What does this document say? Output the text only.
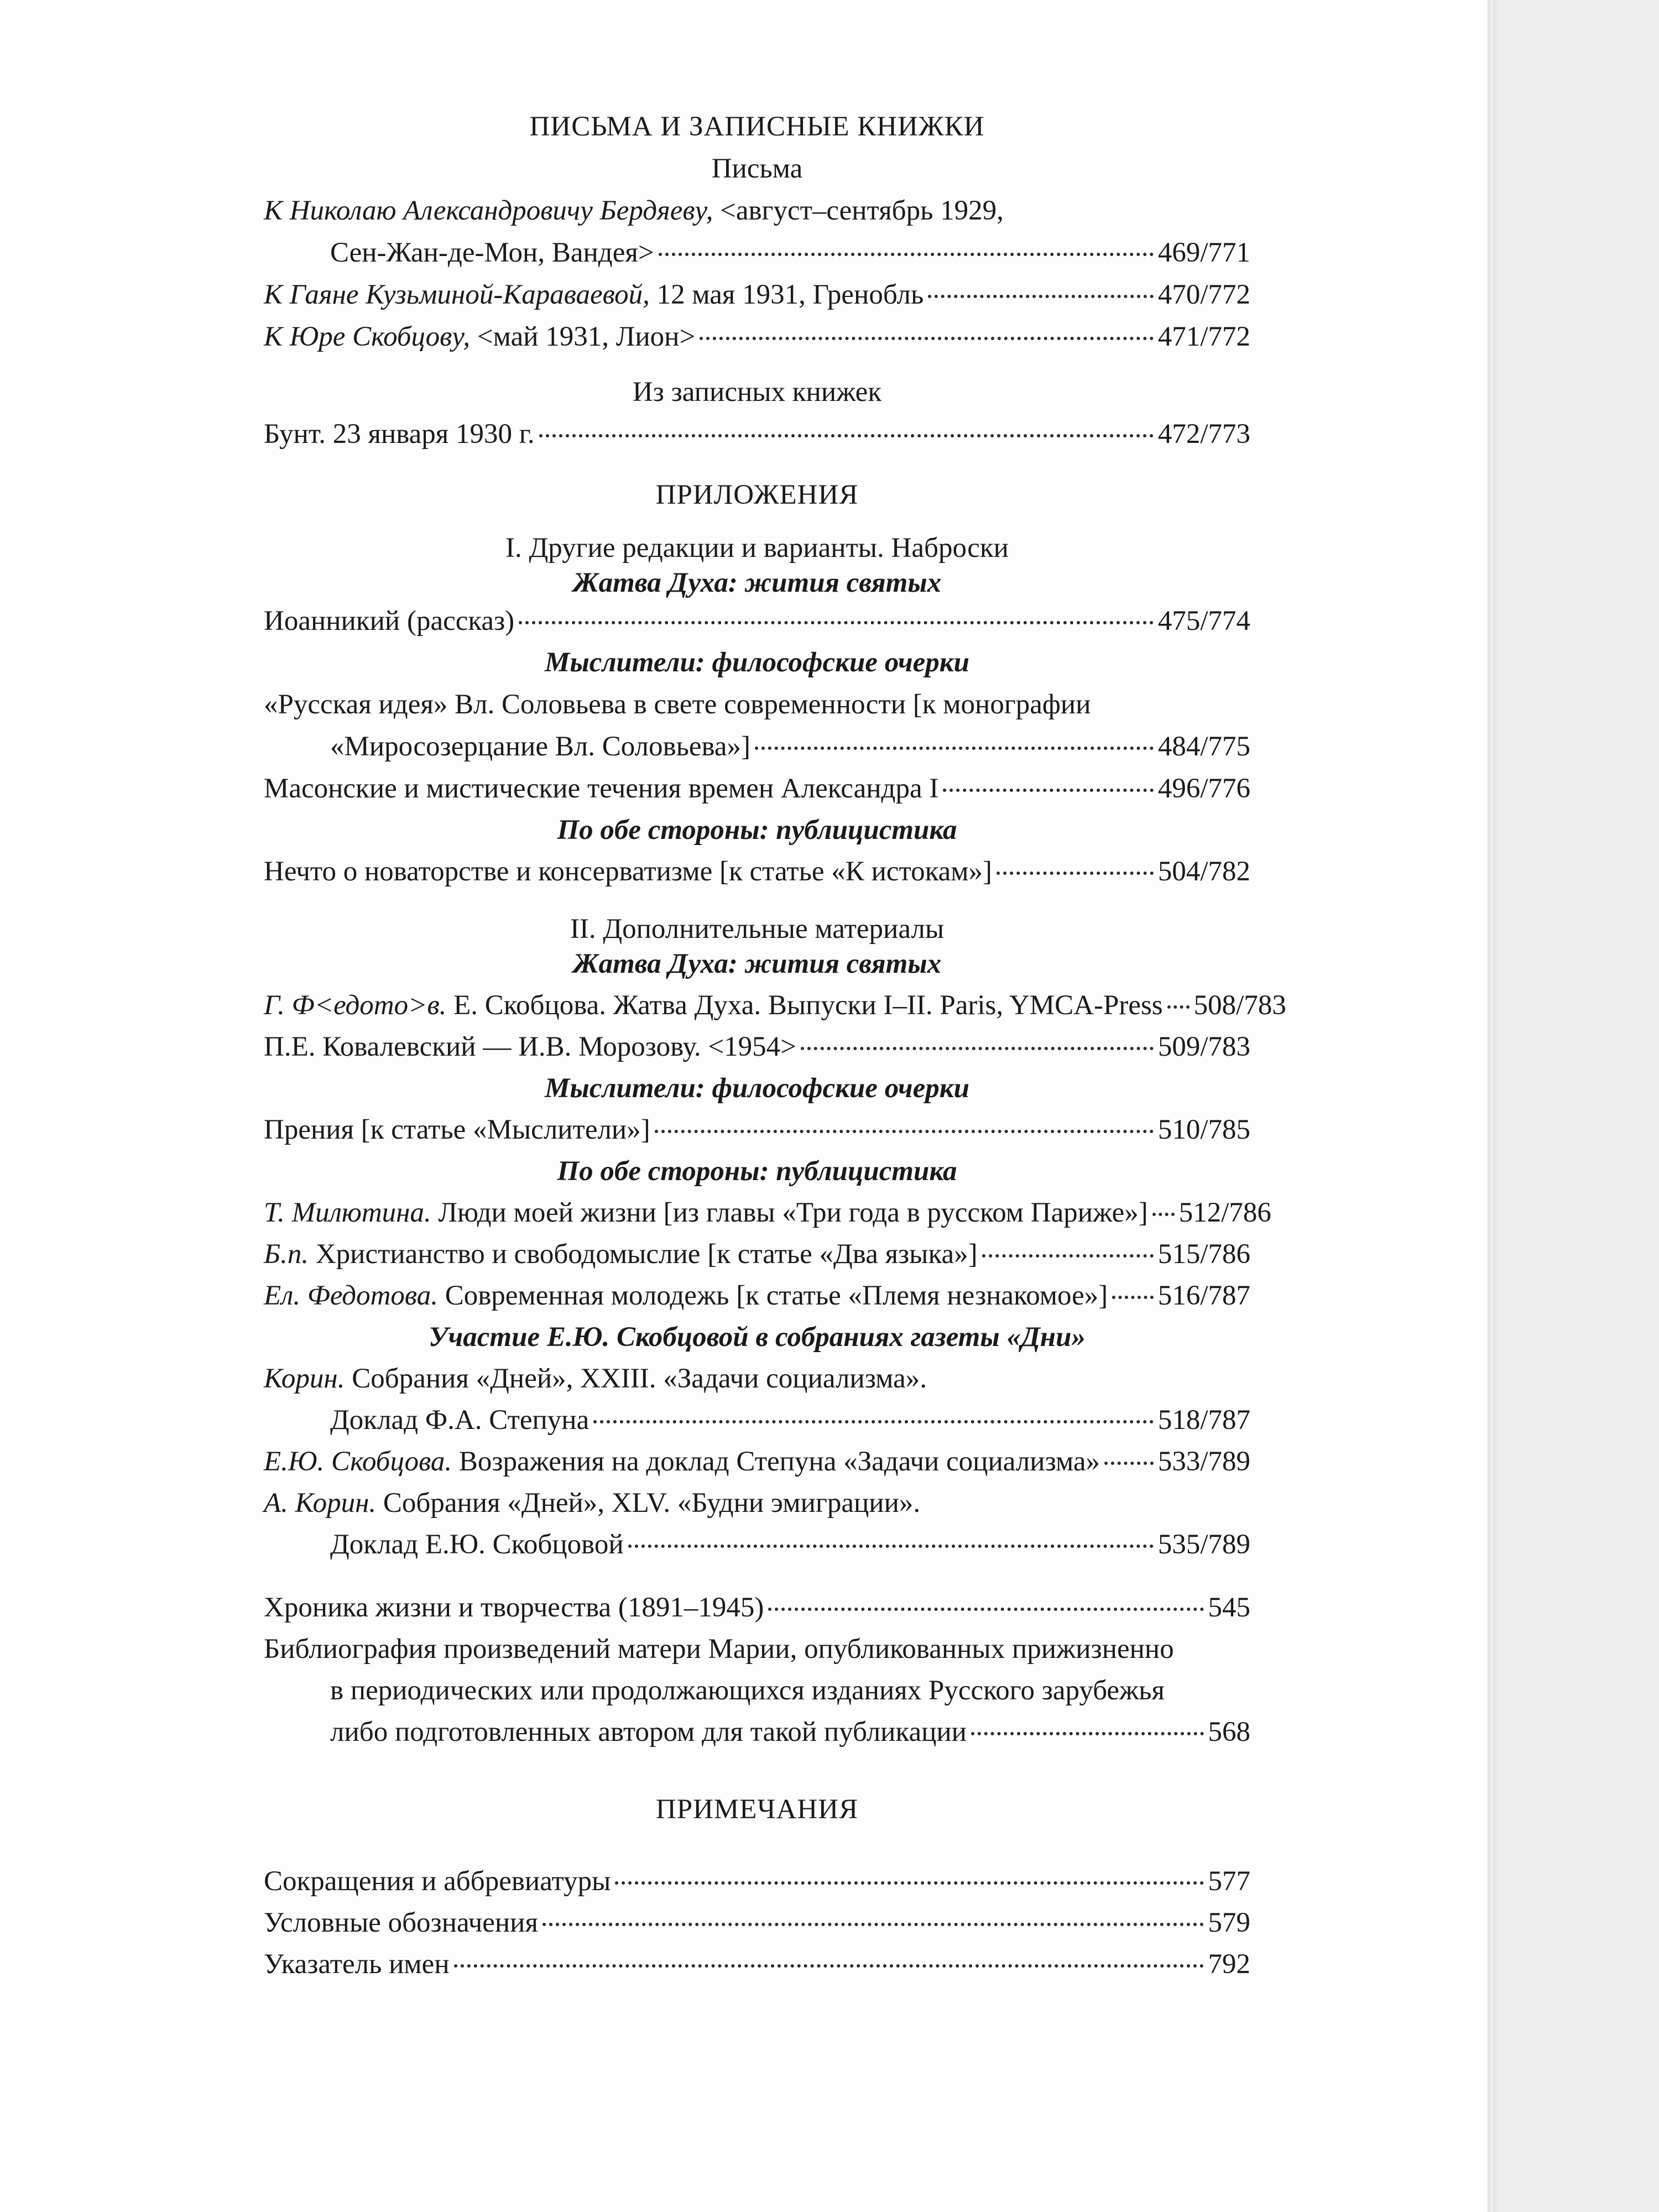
ПИСЬМА И ЗАПИСНЫЕ КНИЖКИ
Письма
К Николаю Александровичу Бердяеву, <август–сентябрь 1929,
Сен-Жан-де-Мон, Вандея>	469/771
К Гаяне Кузьминой-Караваевой, 12 мая 1931, Гренобль	470/772
К Юре Скобцову, <май 1931, Лион>	471/772
Из записных книжек
Бунт. 23 января 1930 г.	472/773
ПРИЛОЖЕНИЯ
I. Другие редакции и варианты. Наброски
Жатва Духа: жития святых
Иоанникий (рассказ)	475/774
Мыслители: философские очерки
«Русская идея» Вл. Соловьева в свете современности [к монографии
«Миросозерцание Вл. Соловьева»]	484/775
Масонские и мистические течения времен Александра I	496/776
По обе стороны: публицистика
Нечто о новаторстве и консерватизме [к статье «К истокам»]	504/782
II. Дополнительные материалы
Жатва Духа: жития святых
Г. Ф<едото>в. Е. Скобцова. Жатва Духа. Выпуски I–II. Paris, YMCA-Press 508/783
П.Е. Ковалевский — И.В. Морозову. <1954>	509/783
Мыслители: философские очерки
Прения [к статье «Мыслители»]	510/785
По обе стороны: публицистика
Т. Милютина. Люди моей жизни [из главы «Три года в русском Париже»] 512/786
Б.п. Христианство и свободомыслие [к статье «Два языка»]	515/786
Ел. Федотова. Современная молодежь [к статье «Племя незнакомое»] 516/787
Участие Е.Ю. Скобцовой в собраниях газеты «Дни»
Корин. Собрания «Дней», XXIII. «Задачи социализма».
Доклад Ф.А. Степуна	518/787
Е.Ю. Скобцова. Возражения на доклад Степуна «Задачи социализма» 533/789
А. Корин. Собрания «Дней», XLV. «Будни эмиграции».
Доклад Е.Ю. Скобцовой	535/789
Хроника жизни и творчества (1891–1945)	545
Библиография произведений матери Марии, опубликованных прижизненно
в периодических или продолжающихся изданиях Русского зарубежья
либо подготовленных автором для такой публикации	568
ПРИМЕЧАНИЯ
Сокращения и аббревиатуры	577
Условные обозначения	579
Указатель имен	792
